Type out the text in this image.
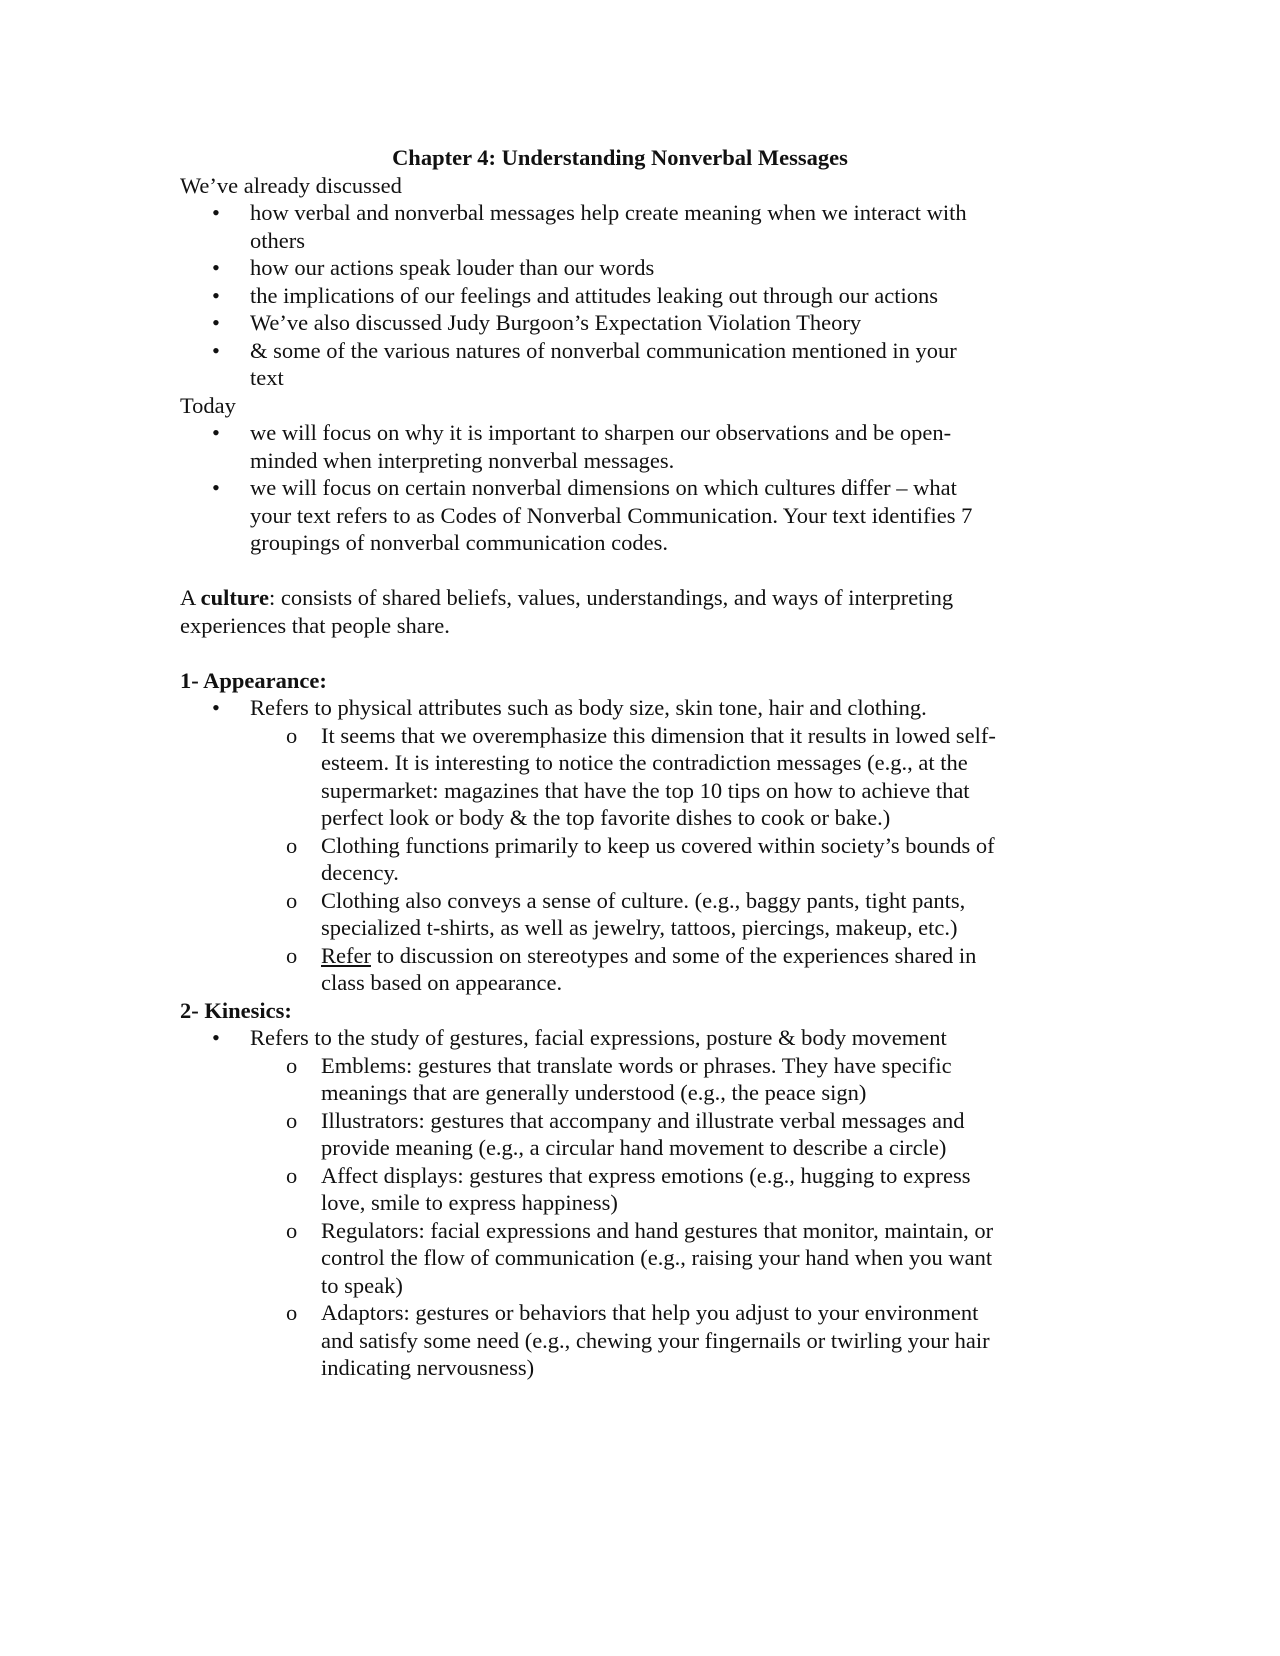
Chapter 4: Understanding Nonverbal Messages
We’ve already discussed
• how verbal and nonverbal messages help create meaning when we interact with
others
• how our actions speak louder than our words
• the implications of our feelings and attitudes leaking out through our actions
• We’ve also discussed Judy Burgoon’s Expectation Violation Theory
• & some of the various natures of nonverbal communication mentioned in your
text
Today
• we will focus on why it is important to sharpen our observations and be open-
minded when interpreting nonverbal messages.
• we will focus on certain nonverbal dimensions on which cultures differ – what
your text refers to as Codes of Nonverbal Communication. Your text identifies 7
groupings of nonverbal communication codes.
A culture: consists of shared beliefs, values, understandings, and ways of interpreting
experiences that people share.
1- Appearance:
• Refers to physical attributes such as body size, skin tone, hair and clothing.
o It seems that we overemphasize this dimension that it results in lowed self-
esteem. It is interesting to notice the contradiction messages (e.g., at the
supermarket: magazines that have the top 10 tips on how to achieve that
perfect look or body & the top favorite dishes to cook or bake.)
o Clothing functions primarily to keep us covered within society’s bounds of
decency.
o Clothing also conveys a sense of culture. (e.g., baggy pants, tight pants,
specialized t-shirts, as well as jewelry, tattoos, piercings, makeup, etc.)
o Refer to discussion on stereotypes and some of the experiences shared in
class based on appearance.
2- Kinesics:
• Refers to the study of gestures, facial expressions, posture & body movement
o Emblems: gestures that translate words or phrases. They have specific
meanings that are generally understood (e.g., the peace sign)
o Illustrators: gestures that accompany and illustrate verbal messages and
provide meaning (e.g., a circular hand movement to describe a circle)
o Affect displays: gestures that express emotions (e.g., hugging to express
love, smile to express happiness)
o Regulators: facial expressions and hand gestures that monitor, maintain, or
control the flow of communication (e.g., raising your hand when you want
to speak)
o Adaptors: gestures or behaviors that help you adjust to your environment
and satisfy some need (e.g., chewing your fingernails or twirling your hair
indicating nervousness)
